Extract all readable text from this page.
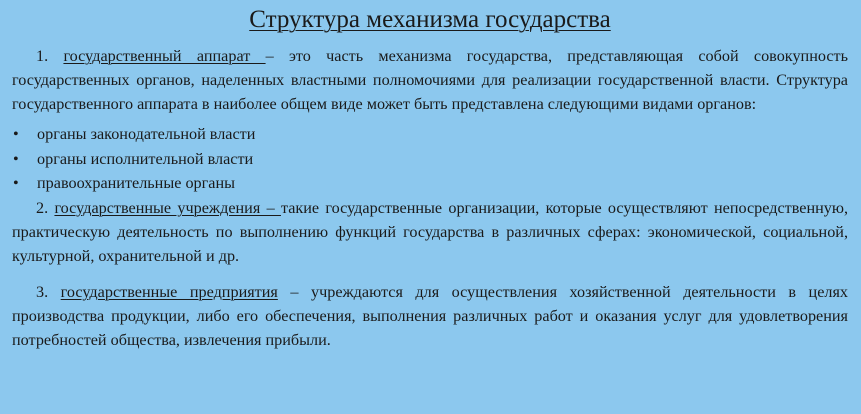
Структура механизма государства

1. государственный аппарат – это часть механизма государства, представляющая собой совокупность государственных органов, наделенных властными полномочиями для реализации государственной власти. Структура государственного аппарата в наиболее общем виде может быть представлена следующими видами органов:

• органы законодательной власти
• органы исполнительной власти
• правоохранительные органы

2. государственные учреждения – такие государственные организации, которые осуществляют непосредственную, практическую деятельность по выполнению функций государства в различных сферах: экономической, социальной, культурной, охранительной и др.

3. государственные предприятия – учреждаются для осуществления хозяйственной деятельности в целях производства продукции, либо его обеспечения, выполнения различных работ и оказания услуг для удовлетворения потребностей общества, извлечения прибыли.
